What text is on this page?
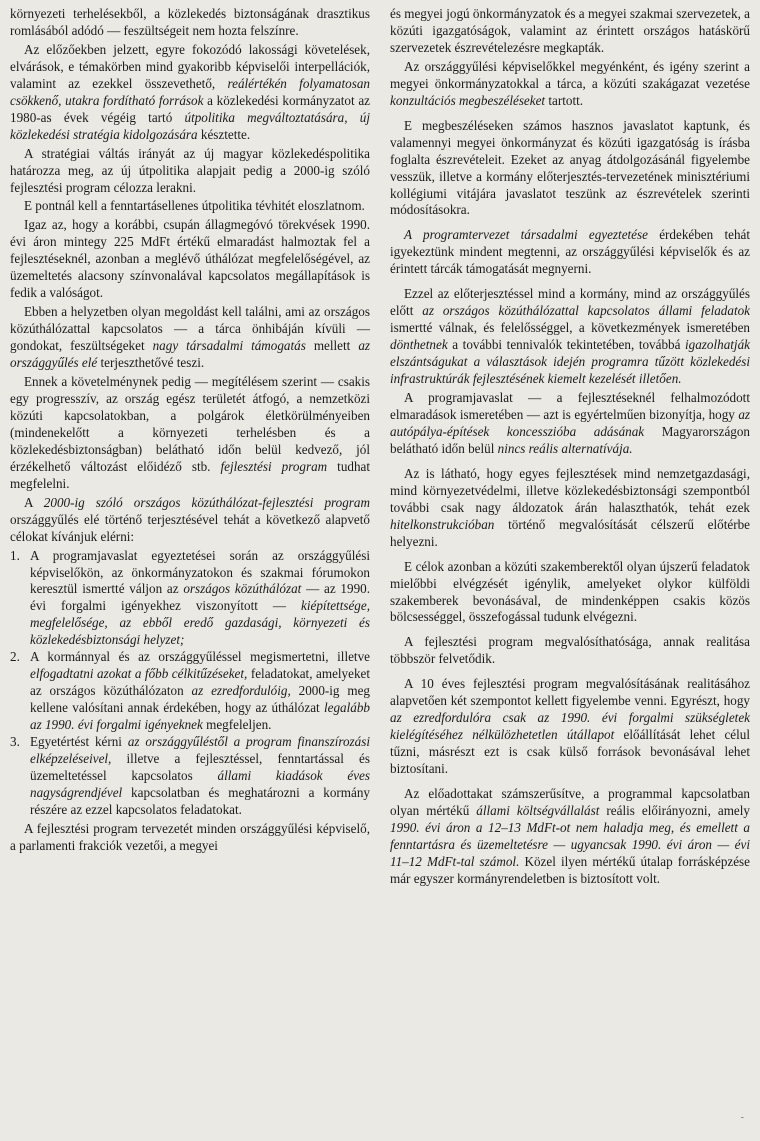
környezeti terhelésekből, a közlekedés biztonságának drasztikus romlásából adódó — feszültségeit nem hozta felszínre.

Az előzőekben jelzett, egyre fokozódó lakossági követelések, elvárások, e témakörben mind gyakoribb képviselői interpellációk, valamint az ezekkel összevethető, reálértékén folyamatosan csökkenő, utakra fordítható források a közlekedési kormányzatot az 1980-as évek végéig tartó útpolitika megváltoztatására, új közlekedési stratégia kidolgozására késztette.

A stratégiai váltás irányát az új magyar közlekedéspolitika határozza meg, az új útpolitika alapjait pedig a 2000-ig szóló fejlesztési program célozza lerakni.

E pontnál kell a fenntartásellenes útpolitika tévhitét eloszlatnom.

Igaz az, hogy a korábbi, csupán állagmegóvó törekvések 1990. évi áron mintegy 225 MdFt értékű elmaradást halmoztak fel a fejlesztéseknél, azonban a meglévő úthálózat megfelelőségével, az üzemeltetés alacsony színvonalával kapcsolatos megállapítások is fedik a valóságot.

Ebben a helyzetben olyan megoldást kell találni, ami az országos közúthálózattal kapcsolatos — a tárca önhibáján kívüli — gondokat, feszültségeket nagy társadalmi támogatás mellett az országgyűlés elé terjeszthetővé teszi.

Ennek a követelménynek pedig — megítélésem szerint — csakis egy progresszív, az ország egész területét átfogó, a nemzetközi közúti kapcsolatokban, a polgárok életkörülményeiben (mindenekelőtt a környezeti terhelésben és a közlekedésbiztonságban) belátható időn belül kedvező, jól érzékelhető változást előidéző stb. fejlesztési program tudhat megfelelni.

A 2000-ig szóló országos közúthálózat-fejlesztési program országgyűlés elé történő terjesztésével tehát a következő alapvető célokat kívánjuk elérni:

1. A programjavaslat egyeztetései során az országgyűlési képviselőkön, az önkormányzatokon és szakmai fórumokon keresztül ismertté váljon az országos közúthálózat — az 1990. évi forgalmi igényekhez viszonyított — kiépítettsége, megfelelősége, az ebből eredő gazdasági, környezeti és közlekedésbiztonsági helyzet;
2. A kormánnyal és az országgyűléssel megismertetni, illetve elfogadtatni azokat a főbb célkitűzéseket, feladatokat, amelyeket az országos közúthálózaton az ezredfordulóig, 2000-ig meg kellene valósítani annak érdekében, hogy az úthálózat legalább az 1990. évi forgalmi igényeknek megfeleljen.
3. Egyetértést kérni az országgyűléstől a program finanszírozási elképzeléseivel, illetve a fejlesztéssel, fenntartással és üzemeltetéssel kapcsolatos állami kiadások éves nagyságrendjével kapcsolatban és meghatározni a kormány részére az ezzel kapcsolatos feladatokat.

A fejlesztési program tervezetét minden országgyűlési képviselő, a parlamenti frakciók vezetői, a megyei

és megyei jogú önkormányzatok és a megyei szakmai szervezetek, a közúti igazgatóságok, valamint az érintett országos hatáskörű szervezetek észrevételezésre megkapták.

Az országgyűlési képviselőkkel megyénként, és igény szerint a megyei önkormányzatokkal a tárca, a közúti szakágazat vezetése konzultációs megbeszéléseket tartott.

E megbeszéléseken számos hasznos javaslatot kaptunk, és valamennyi megyei önkormányzat és közúti igazgatóság is írásba foglalta észrevételeit. Ezeket az anyag átdolgozásánál figyelembe vesszük, illetve a kormány előterjesztés-tervezetének minisztériumi kollégiumi vitájára javaslatot teszünk az észrevételek szerinti módosításokra.

A programtervezet társadalmi egyeztetése érdekében tehát igyekeztünk mindent megtenni, az országgyűlési képviselők és az érintett tárcák támogatását megnyerni.

Ezzel az előterjesztéssel mind a kormány, mind az országgyűlés előtt az országos közúthálózattal kapcsolatos állami feladatok ismertté válnak, és felelősséggel, a következmények ismeretében dönthetnek a további tennivalók tekintetében, továbbá igazolhatják elszántságukat a választások idején programra tűzött közlekedési infrastruktúrák fejlesztésének kiemelt kezelését illetően.

A programjavaslat — a fejlesztéseknél felhalmozódott elmaradások ismeretében — azt is egyértelműen bizonyítja, hogy az autópálya-építések koncesszióba adásának Magyarországon belátható időn belül nincs reális alternatívája.

Az is látható, hogy egyes fejlesztések mind nemzetgazdasági, mind környezetvédelmi, illetve közlekedésbiztonsági szempontból további csak nagy áldozatok árán halaszthatók, tehát ezek hitelkonstrukcióban történő megvalósítását célszerű előtérbe helyezni.

E célok azonban a közúti szakemberektől olyan újszerű feladatok mielőbbi elvégzését igénylik, amelyeket olykor külföldi szakemberek bevonásával, de mindenképpen csakis közös bölcsességgel, összefogással tudunk elvégezni.

A fejlesztési program megvalósíthatósága, annak realitása többször felvetődik.

A 10 éves fejlesztési program megvalósításának realitásához alapvetően két szempontot kellett figyelembe venni. Egyrészt, hogy az ezredfordulóra csak az 1990. évi forgalmi szükségletek kielégítéséhez nélkülözhetetlen útállapot előállítását lehet célul tűzni, másrészt ezt is csak külső források bevonásával lehet biztosítani.

Az előadottakat számszerűsítve, a programmal kapcsolatban olyan mértékű állami költségvállalást reális előirányozni, amely 1990. évi áron a 12–13 MdFt-ot nem haladja meg, és emellett a fenntartásra és üzemeltetésre — ugyancsak 1990. évi áron — évi 11–12 MdFt-tal számol. Közel ilyen mértékű útalap forrásképzése már egyszer kormányrendeletben is biztosított volt.

-
